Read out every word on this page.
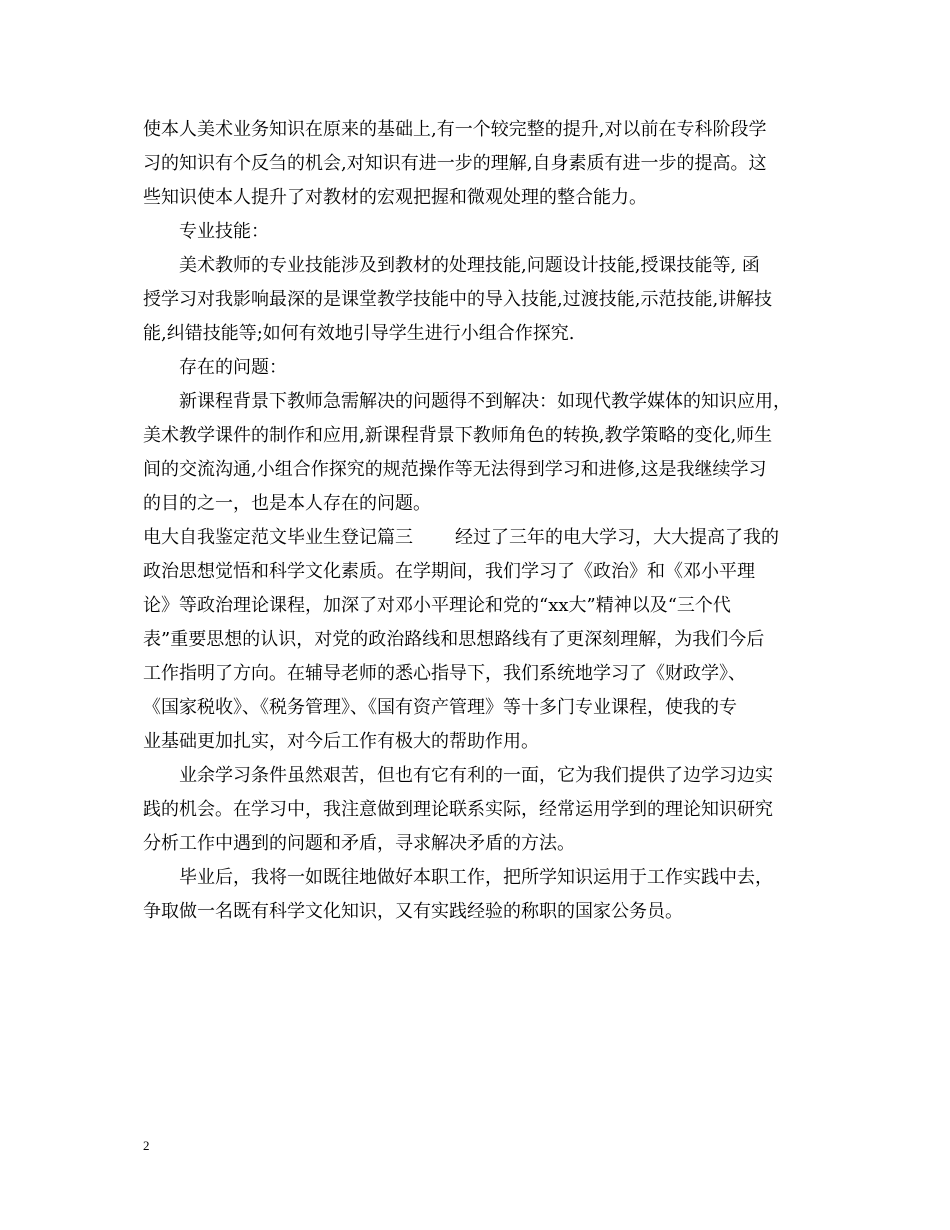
使本人美术业务知识在原来的基础上,有一个较完整的提升,对以前在专科阶段学
习的知识有个反刍的机会,对知识有进一步的理解,自身素质有进一步的提高。这
些知识使本人提升了对教材的宏观把握和微观处理的整合能力。
专业技能：
美术教师的专业技能涉及到教材的处理技能,问题设计技能,授课技能等, 函
授学习对我影响最深的是课堂教学技能中的导入技能,过渡技能,示范技能,讲解技
能,纠错技能等;如何有效地引导学生进行小组合作探究.
存在的问题：
新课程背景下教师急需解决的问题得不到解决：如现代教学媒体的知识应用，
美术教学课件的制作和应用,新课程背景下教师角色的转换,教学策略的变化,师生
间的交流沟通,小组合作探究的规范操作等无法得到学习和进修,这是我继续学习
的目的之一，也是本人存在的问题。
电大自我鉴定范文毕业生登记篇三 经过了三年的电大学习，大大提高了我的
政治思想觉悟和科学文化素质。在学期间，我们学习了《政治》和《邓小平理
论》等政治理论课程，加深了对邓小平理论和党的“xx大”精神以及“三个代
表”重要思想的认识，对党的政治路线和思想路线有了更深刻理解，为我们今后
工作指明了方向。在辅导老师的悉心指导下，我们系统地学习了《财政学》、
《国家税收》、《税务管理》、《国有资产管理》等十多门专业课程，使我的专
业基础更加扎实，对今后工作有极大的帮助作用。
业余学习条件虽然艰苦，但也有它有利的一面，它为我们提供了边学习边实
践的机会。在学习中，我注意做到理论联系实际，经常运用学到的理论知识研究
分析工作中遇到的问题和矛盾，寻求解决矛盾的方法。
毕业后，我将一如既往地做好本职工作，把所学知识运用于工作实践中去，
争取做一名既有科学文化知识，又有实践经验的称职的国家公务员。
2
